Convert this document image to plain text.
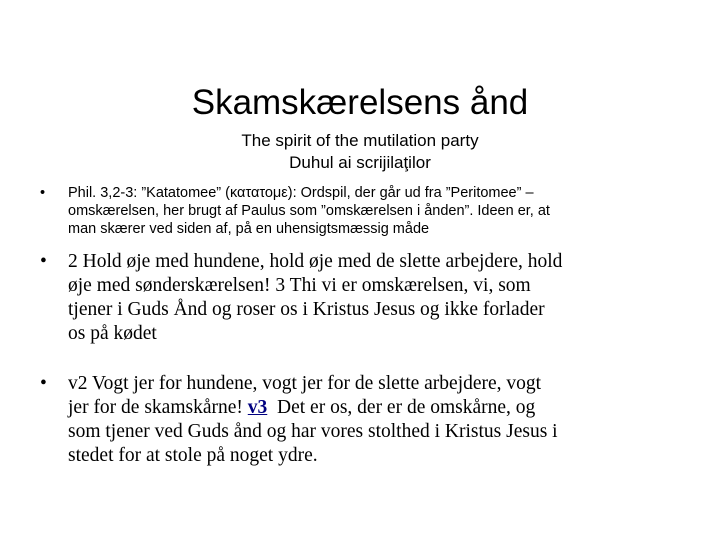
Skamskærelsens ånd
The spirit of the mutilation party
Duhul ai scrijilaţilor
• Phil. 3,2-3: ”Katatomee” (κατατομε): Ordspil, der går ud fra ”Peritomee” –
omskærelsen, her brugt af Paulus som ”omskærelsen i ånden”. Ideen er, at
man skærer ved siden af, på en uhensigtsmæssig måde
• 2 Hold øje med hundene, hold øje med de slette arbejdere, hold
øje med sønderskærelsen! 3 Thi vi er omskærelsen, vi, som
tjener i Guds Ånd og roser os i Kristus Jesus og ikke forlader
os på kødet
• v2 Vogt jer for hundene, vogt jer for de slette arbejdere, vogt
jer for de skamskårne! v3  Det er os, der er de omskårne, og
som tjener ved Guds ånd og har vores stolthed i Kristus Jesus i
stedet for at stole på noget ydre.
